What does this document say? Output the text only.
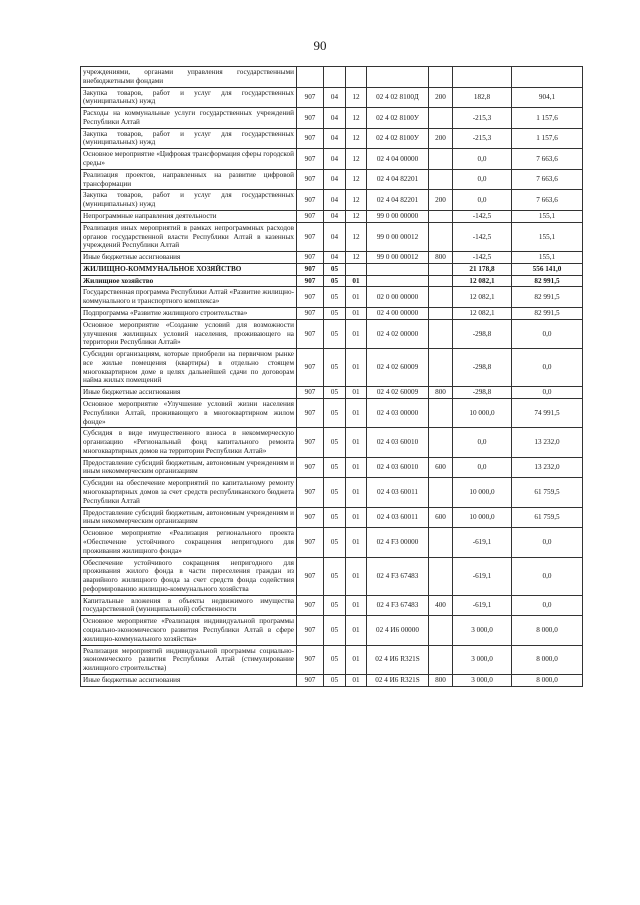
90
учреждениями, органами управления государственными внебюджетными фондами							
Закупка товаров, работ и услуг для государственных (муниципальных) нужд	907	04	12	02 4 02 8100Д	200	182,8	904,1
Расходы на коммунальные услуги государственных учреждений Республики Алтай	907	04	12	02 4 02 8100У		-215,3	1 157,6
Закупка товаров, работ и услуг для государственных (муниципальных) нужд	907	04	12	02 4 02 8100У	200	-215,3	1 157,6
Основное мероприятие «Цифровая трансформация сферы городской среды»	907	04	12	02 4 04 00000		0,0	7 663,6
Реализация проектов, направленных на развитие цифровой трансформации	907	04	12	02 4 04 82201		0,0	7 663,6
Закупка товаров, работ и услуг для государственных (муниципальных) нужд	907	04	12	02 4 04 82201	200	0,0	7 663,6
Непрограммные направления деятельности	907	04	12	99 0 00 00000		-142,5	155,1
Реализация иных мероприятий в рамках непрограммных расходов органов государственной власти Республики Алтай в казенных учреждений Республики Алтай	907	04	12	99 0 00 00012		-142,5	155,1
Иные бюджетные ассигнования	907	04	12	99 0 00 00012	800	-142,5	155,1
ЖИЛИЩНО-КОММУНАЛЬНОЕ ХОЗЯЙСТВО	907	05				21 178,8	556 141,0
Жилищное хозяйство	907	05	01			12 082,1	82 991,5
Государственная программа Республики Алтай «Развитие жилищно-коммунального и транспортного комплекса»	907	05	01	02 0 00 00000		12 082,1	82 991,5
Подпрограмма «Развитие жилищного строительства»	907	05	01	02 4 00 00000		12 082,1	82 991,5
Основное мероприятие «Создание условий для возможности улучшения жилищных условий населения, проживающего на территории Республики Алтай»	907	05	01	02 4 02 00000		-298,8	0,0
Субсидии организациям, которые приобрели на первичном рынке все жилые помещения (квартиры) в отдельно стоящем многоквартирном доме в целях дальнейшей сдачи по договорам найма жилых помещений	907	05	01	02 4 02 60009		-298,8	0,0
Иные бюджетные ассигнования	907	05	01	02 4 02 60009	800	-298,8	0,0
Основное мероприятие «Улучшение условий жизни населения Республики Алтай, проживающего в многоквартирном жилом фонде»	907	05	01	02 4 03 00000		10 000,0	74 991,5
Субсидия в виде имущественного взноса в некоммерческую организацию «Региональный фонд капитального ремонта многоквартирных домов на территории Республики Алтай»	907	05	01	02 4 03 60010		0,0	13 232,0
Предоставление субсидий бюджетным, автономным учреждениям и иным некоммерческим организациям	907	05	01	02 4 03 60010	600	0,0	13 232,0
Субсидии на обеспечение мероприятий по капитальному ремонту многоквартирных домов за счет средств республиканского бюджета Республики Алтай	907	05	01	02 4 03 60011		10 000,0	61 759,5
Предоставление субсидий бюджетным, автономным учреждениям и иным некоммерческим организациям	907	05	01	02 4 03 60011	600	10 000,0	61 759,5
Основное мероприятие «Реализация регионального проекта «Обеспечение устойчивого сокращения непригодного для проживания жилищного фонда»	907	05	01	02 4 F3 00000		-619,1	0,0
Обеспечение устойчивого сокращения непригодного для проживания жилого фонда в части переселения граждан из аварийного жилищного фонда за счет средств фонда содействия реформированию жилищно-коммунального хозяйства	907	05	01	02 4 F3 67483		-619,1	0,0
Капитальные вложения в объекты недвижимого имущества государственной (муниципальной) собственности	907	05	01	02 4 F3 67483	400	-619,1	0,0
Основное мероприятие «Реализация индивидуальной программы социально-экономического развития Республики Алтай в сфере жилищно-коммунального хозяйства»	907	05	01	02 4 И6 00000		3 000,0	8 000,0
Реализация мероприятий индивидуальной программы социально-экономического развития Республики Алтай (стимулирование жилищного строительства)	907	05	01	02 4 И6 R321S		3 000,0	8 000,0
Иные бюджетные ассигнования	907	05	01	02 4 И6 R321S	800	3 000,0	8 000,0
